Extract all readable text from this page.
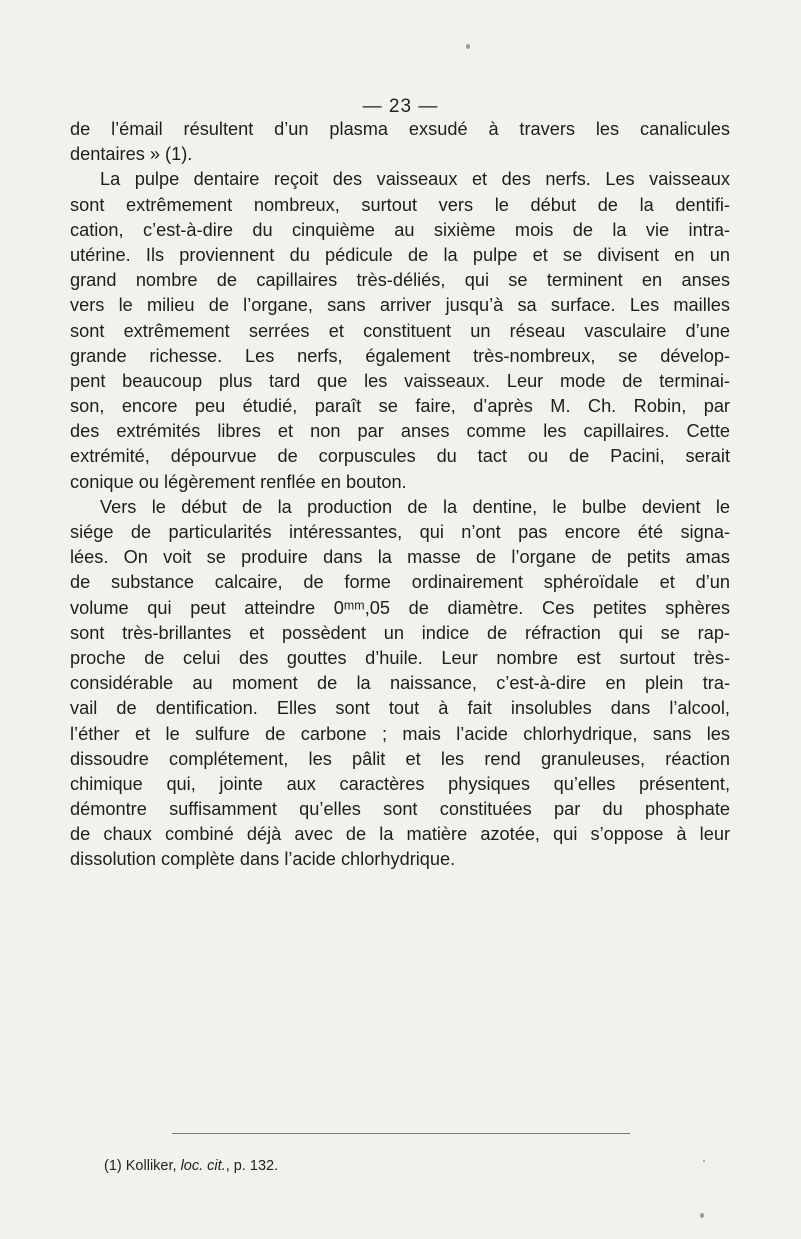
— 23 —
de l’émail résultent d’un plasma exsudé à travers les canalicules
dentaires » (1).
La pulpe dentaire reçoit des vaisseaux et des nerfs. Les vaisseaux
sont extrêmement nombreux, surtout vers le début de la dentifi-
cation, c’est-à-dire du cinquième au sixième mois de la vie intra-
utérine. Ils proviennent du pédicule de la pulpe et se divisent en un
grand nombre de capillaires très-déliés, qui se terminent en anses
vers le milieu de l’organe, sans arriver jusqu’à sa surface. Les mailles
sont extrêmement serrées et constituent un réseau vasculaire d’une
grande richesse. Les nerfs, également très-nombreux, se dévelop-
pent beaucoup plus tard que les vaisseaux. Leur mode de terminai-
son, encore peu étudié, paraît se faire, d’après M. Ch. Robin, par
des extrémités libres et non par anses comme les capillaires. Cette
extrémité, dépourvue de corpuscules du tact ou de Pacini, serait
conique ou légèrement renflée en bouton.
Vers le début de la production de la dentine, le bulbe devient le
siége de particularités intéressantes, qui n’ont pas encore été signa-
lées. On voit se produire dans la masse de l’organe de petits amas
de substance calcaire, de forme ordinairement sphéroïdale et d’un
volume qui peut atteindre 0ᵐᵐ,05 de diamètre. Ces petites sphères
sont très-brillantes et possèdent un indice de réfraction qui se rap-
proche de celui des gouttes d’huile. Leur nombre est surtout très-
considérable au moment de la naissance, c’est-à-dire en plein tra-
vail de dentification. Elles sont tout à fait insolubles dans l’alcool,
l’éther et le sulfure de carbone ; mais l’acide chlorhydrique, sans les
dissoudre complétement, les pâlit et les rend granuleuses, réaction
chimique qui, jointe aux caractères physiques qu’elles présentent,
démontre suffisamment qu’elles sont constituées par du phosphate
de chaux combiné déjà avec de la matière azotée, qui s’oppose à leur
dissolution complète dans l’acide chlorhydrique.
(1) Kolliker, loc. cit., p. 132.
